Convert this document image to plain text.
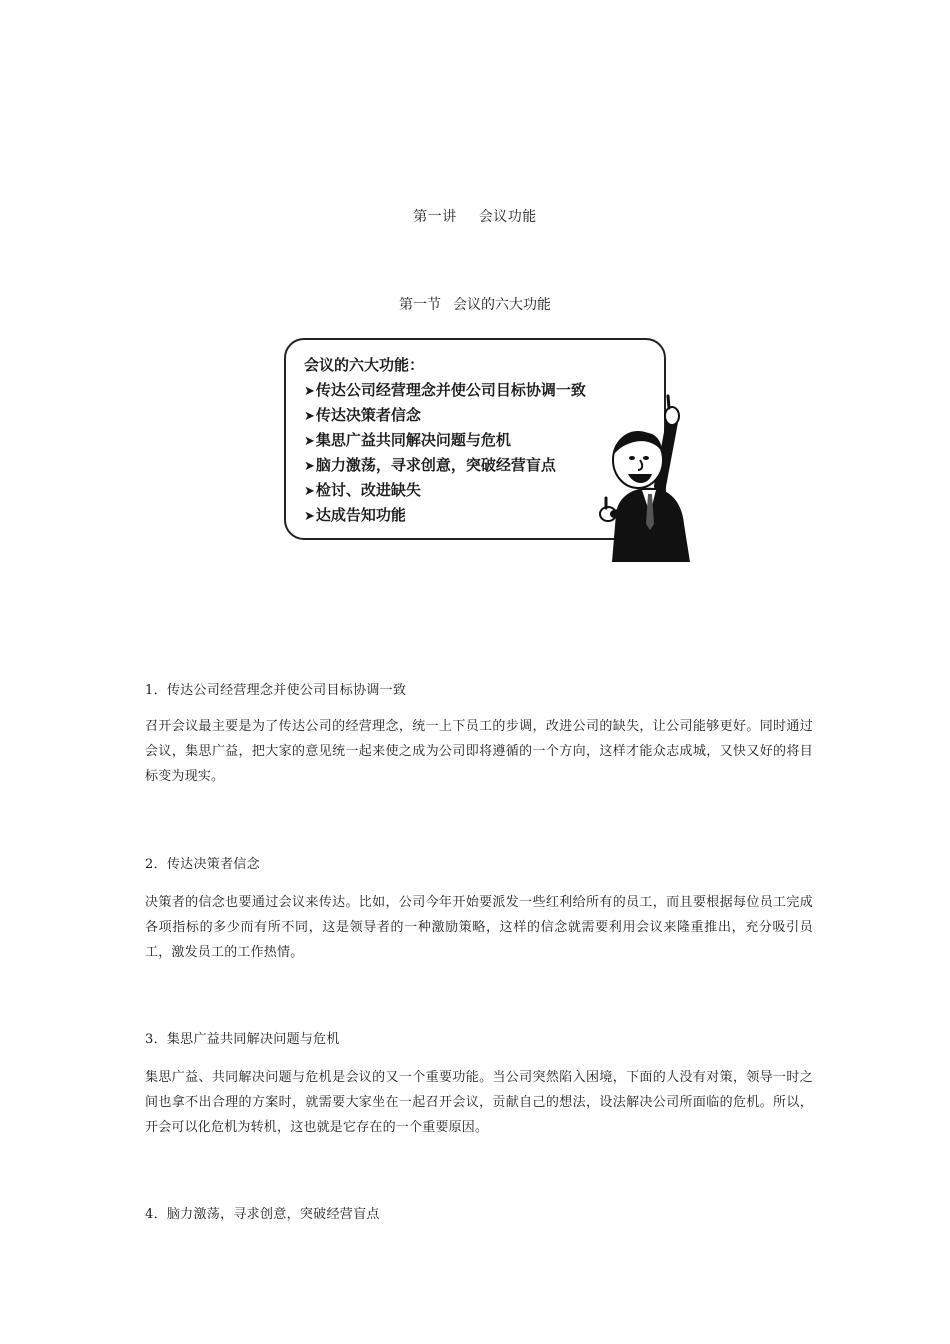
第一讲 会议功能
第一节 会议的六大功能
会议的六大功能：
➤传达公司经营理念并使公司目标协调一致
➤传达决策者信念
➤集思广益共同解决问题与危机
➤脑力激荡，寻求创意，突破经营盲点
➤检讨、改进缺失
➤达成告知功能
1．传达公司经营理念并使公司目标协调一致
召开会议最主要是为了传达公司的经营理念，统一上下员工的步调，改进公司的缺失，让公司能够更好。同时通过会议，集思广益，把大家的意见统一起来使之成为公司即将遵循的一个方向，这样才能众志成城，又快又好的将目标变为现实。
2．传达决策者信念
决策者的信念也要通过会议来传达。比如，公司今年开始要派发一些红利给所有的员工，而且要根据每位员工完成各项指标的多少而有所不同，这是领导者的一种激励策略，这样的信念就需要利用会议来隆重推出，充分吸引员工，激发员工的工作热情。
3．集思广益共同解决问题与危机
集思广益、共同解决问题与危机是会议的又一个重要功能。当公司突然陷入困境，下面的人没有对策，领导一时之间也拿不出合理的方案时，就需要大家坐在一起召开会议，贡献自己的想法，设法解决公司所面临的危机。所以，开会可以化危机为转机，这也就是它存在的一个重要原因。
4．脑力激荡，寻求创意，突破经营盲点
